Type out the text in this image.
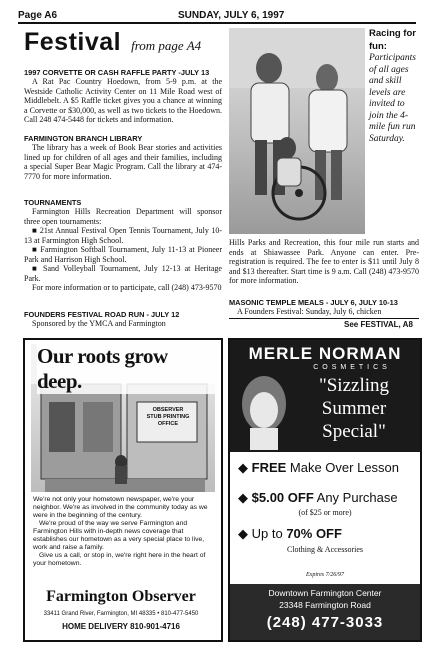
Page A6	SUNDAY, JULY 6, 1997
Festival from page A4
1997 CORVETTE OR CASH RAFFLE PARTY -JULY 13
A Rat Pac Country Hoedown, from 5-9 p.m. at the Westside Catholic Activity Center on 11 Mile Road west of Middlebelt. A $5 Raffle ticket gives you a chance at winning a Corvette or $30,000, as well as two tickets to the Hoedown. Call 248 474-5448 for tickets and information.
FARMINGTON BRANCH LIBRARY
The library has a week of Book Bear stories and activities lined up for children of all ages and their families, including a special Super Bear Magic Program. Call the library at 474-7770 for more information.
TOURNAMENTS
Farmington Hills Recreation Department will sponsor three open tournaments:
■ 21st Annual Festival Open Tennis Tournament, July 10-13 at Farmington High School.
■ Farmington Softball Tournament, July 11-13 at Pioneer Park and Harrison High School.
■ Sand Volleyball Tournament, July 12-13 at Heritage Park.
For more information or to participate, call (248) 473-9570
FOUNDERS FESTIVAL ROAD RUN - JULY 12
Sponsored by the YMCA and Farmington
Racing for fun: Participants of all ages and skill levels are invited to join the 4-mile fun run Saturday.
Hills Parks and Recreation, this four mile run starts and ends at Shiawassee Park. Anyone can enter. Pre-registration is required. The fee to enter is $11 until July 8 and $13 thereafter. Start time is 9 a.m. Call (248) 473-9570 for more information.
MASONIC TEMPLE MEALS - JULY 6, JULY 10-13
A Founders Festival: Sunday, July 6, chicken
See FESTIVAL, A8
OBSERVER
STUB PRINTING OFFICE
Our roots grow deep.
We're not only your hometown newspaper, we're your neighbor. We're as involved in the community today as we were in the beginning of the century.
We're proud of the way we serve Farmington and Farmington Hills with in-depth news coverage that establishes our hometown as a very special place to live, work and raise a family.
Give us a call, or stop in, we're right here in the heart of your hometown.
Farmington Observer
33411 Grand River, Farmington, MI 48335 • 810-477-5450
HOME DELIVERY 810-901-4716
MERLE NORMAN
COSMETICS
"Sizzling
Summer
Special"
◆ FREE Make Over Lesson
◆ $5.00 OFF Any Purchase
(of $25 or more)
◆ Up to 70% OFF
Clothing & Accessories
Expires 7/26/97
Downtown Farmington Center
23348 Farmington Road
(248) 477-3033
